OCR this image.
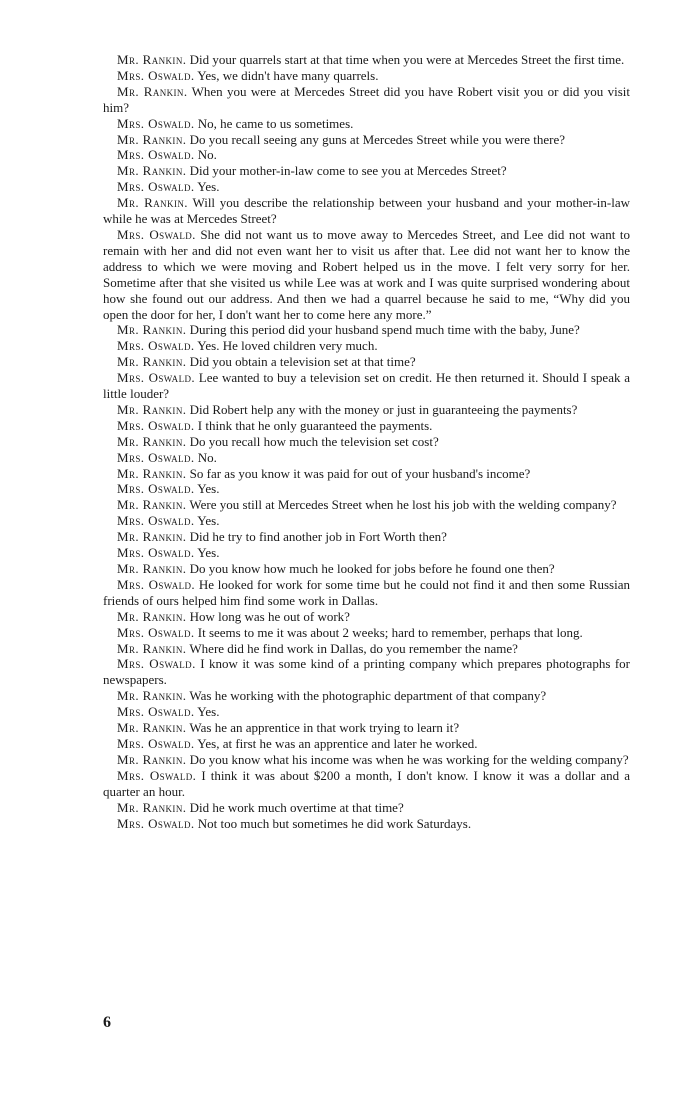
Mr. Rankin. Did your quarrels start at that time when you were at Mercedes Street the first time.

Mrs. Oswald. Yes, we didn't have many quarrels.

Mr. Rankin. When you were at Mercedes Street did you have Robert visit you or did you visit him?

Mrs. Oswald. No, he came to us sometimes.

Mr. Rankin. Do you recall seeing any guns at Mercedes Street while you were there?

Mrs. Oswald. No.

Mr. Rankin. Did your mother-in-law come to see you at Mercedes Street?

Mrs. Oswald. Yes.

Mr. Rankin. Will you describe the relationship between your husband and your mother-in-law while he was at Mercedes Street?

Mrs. Oswald. She did not want us to move away to Mercedes Street, and Lee did not want to remain with her and did not even want her to visit us after that. Lee did not want her to know the address to which we were moving and Robert helped us in the move. I felt very sorry for her. Sometime after that she visited us while Lee was at work and I was quite surprised wondering about how she found out our address. And then we had a quarrel because he said to me, “Why did you open the door for her, I don't want her to come here any more.”

Mr. Rankin. During this period did your husband spend much time with the baby, June?

Mrs. Oswald. Yes. He loved children very much.

Mr. Rankin. Did you obtain a television set at that time?

Mrs. Oswald. Lee wanted to buy a television set on credit. He then returned it. Should I speak a little louder?

Mr. Rankin. Did Robert help any with the money or just in guaranteeing the payments?

Mrs. Oswald. I think that he only guaranteed the payments.

Mr. Rankin. Do you recall how much the television set cost?

Mrs. Oswald. No.

Mr. Rankin. So far as you know it was paid for out of your husband's income?

Mrs. Oswald. Yes.

Mr. Rankin. Were you still at Mercedes Street when he lost his job with the welding company?

Mrs. Oswald. Yes.

Mr. Rankin. Did he try to find another job in Fort Worth then?

Mrs. Oswald. Yes.

Mr. Rankin. Do you know how much he looked for jobs before he found one then?

Mrs. Oswald. He looked for work for some time but he could not find it and then some Russian friends of ours helped him find some work in Dallas.

Mr. Rankin. How long was he out of work?

Mrs. Oswald. It seems to me it was about 2 weeks; hard to remember, perhaps that long.

Mr. Rankin. Where did he find work in Dallas, do you remember the name?

Mrs. Oswald. I know it was some kind of a printing company which prepares photographs for newspapers.

Mr. Rankin. Was he working with the photographic department of that company?

Mrs. Oswald. Yes.

Mr. Rankin. Was he an apprentice in that work trying to learn it?

Mrs. Oswald. Yes, at first he was an apprentice and later he worked.

Mr. Rankin. Do you know what his income was when he was working for the welding company?

Mrs. Oswald. I think it was about $200 a month, I don't know. I know it was a dollar and a quarter an hour.

Mr. Rankin. Did he work much overtime at that time?

Mrs. Oswald. Not too much but sometimes he did work Saturdays.

6
